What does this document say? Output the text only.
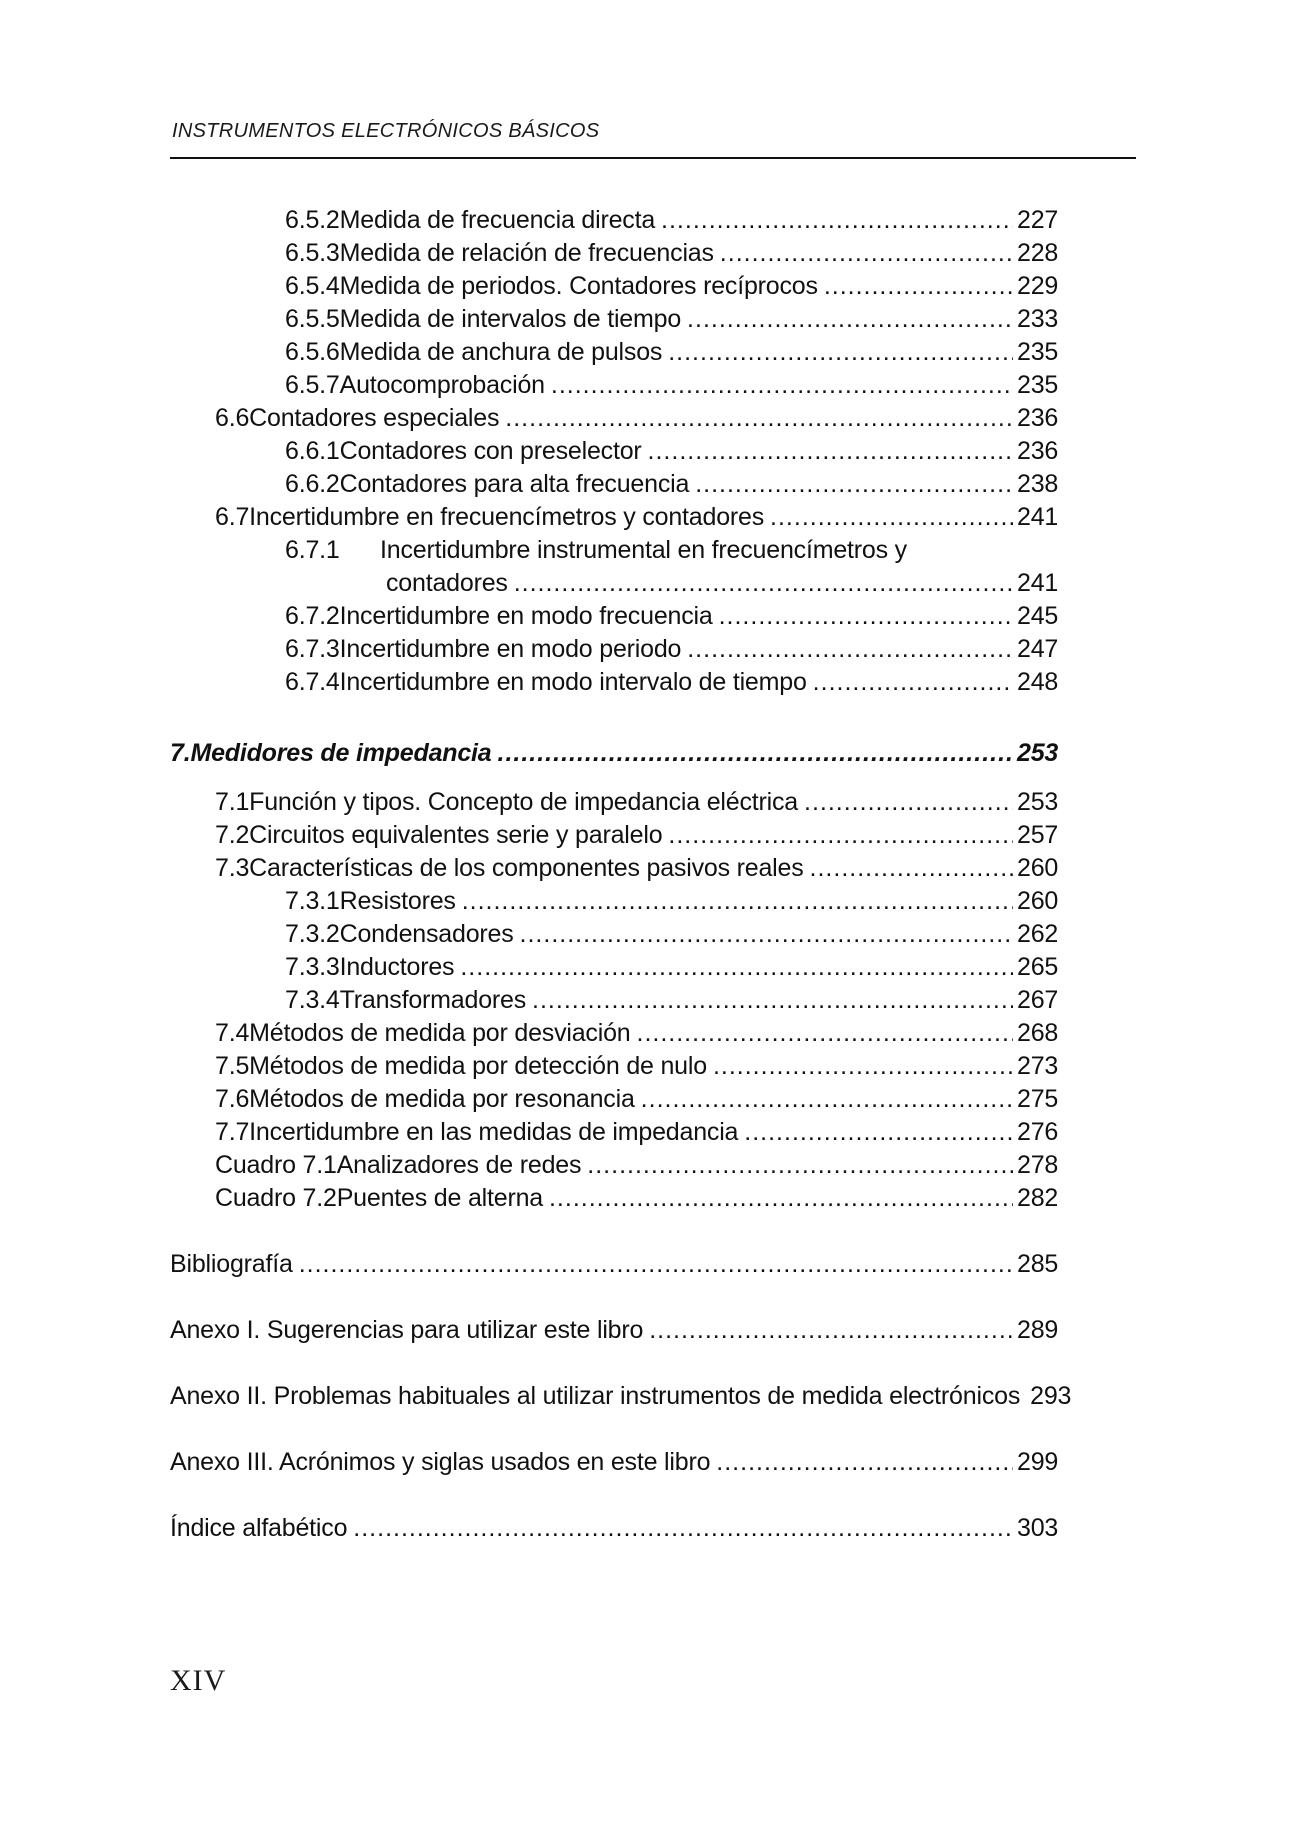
INSTRUMENTOS ELECTRÓNICOS BÁSICOS
6.5.2 Medida de frecuencia directa .....	227
6.5.3 Medida de relación de frecuencias .....	228
6.5.4 Medida de periodos. Contadores recíprocos .....	229
6.5.5 Medida de intervalos de tiempo .....	233
6.5.6 Medida de anchura de pulsos .....	235
6.5.7 Autocomprobación .....	235
6.6 Contadores especiales .....	236
6.6.1 Contadores con preselector .....	236
6.6.2 Contadores para alta frecuencia .....	238
6.7 Incertidumbre en frecuencímetros y contadores .....	241
6.7.1	Incertidumbre instrumental en frecuencímetros y
contadores .....	241
6.7.2 Incertidumbre en modo frecuencia .....	245
6.7.3 Incertidumbre en modo periodo .....	247
6.7.4 Incertidumbre en modo intervalo de tiempo .....	248
7. Medidores de impedancia .....	253
7.1 Función y tipos. Concepto de impedancia eléctrica .....	253
7.2 Circuitos equivalentes serie y paralelo .....	257
7.3 Características de los componentes pasivos reales .....	260
7.3.1 Resistores .....	260
7.3.2 Condensadores .....	262
7.3.3 Inductores .....	265
7.3.4 Transformadores .....	267
7.4 Métodos de medida por desviación .....	268
7.5 Métodos de medida por detección de nulo .....	273
7.6 Métodos de medida por resonancia .....	275
7.7 Incertidumbre en las medidas de impedancia .....	276
Cuadro 7.1 Analizadores de redes .....	278
Cuadro 7.2 Puentes de alterna .....	282
Bibliografía .....	285
Anexo I. Sugerencias para utilizar este libro .....	289
Anexo II. Problemas habituales al utilizar instrumentos de medida electrónicos 293
Anexo III. Acrónimos y siglas usados en este libro .....	299
Índice alfabético .....	303
XIV
